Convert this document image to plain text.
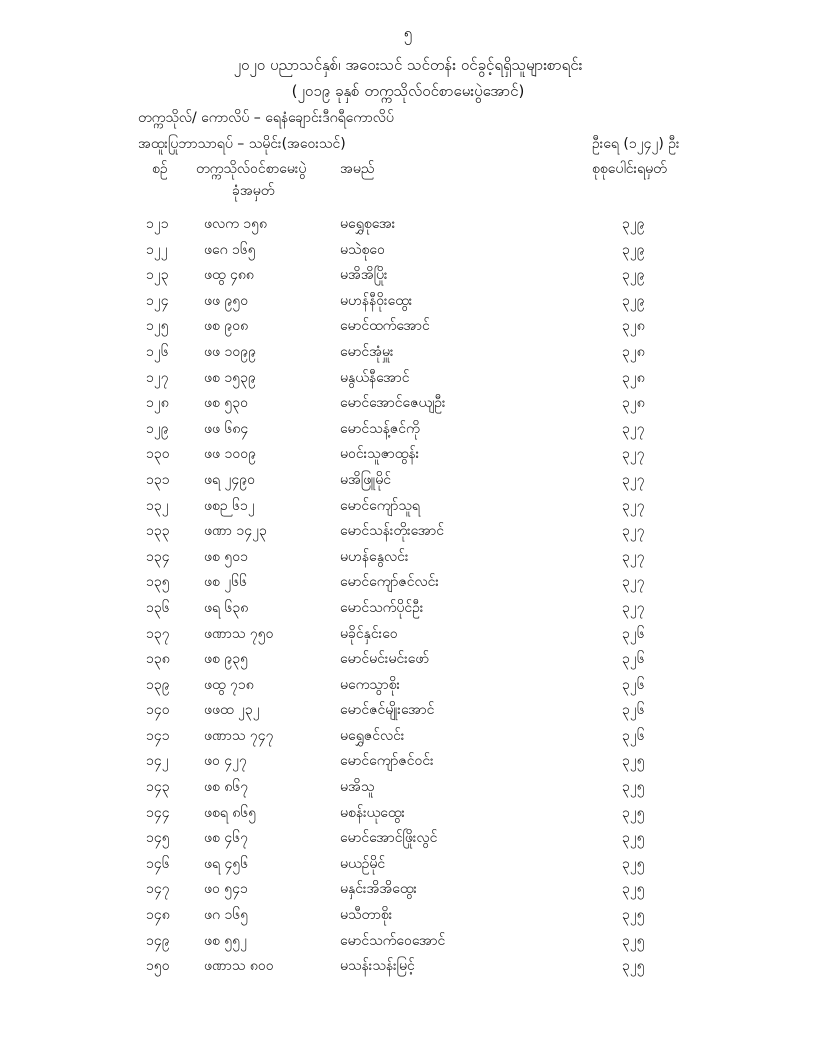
၅
၂၀၂၀ ပညာသင်နှစ်၊ အဝေးသင် သင်တန်း ဝင်ခွင့်ရရှိသူများစာရင်း
(၂၀၁၉ ခုနှစ် တက္ကသိုလ်ဝင်စာမေးပွဲအောင်)
တက္ကသိုလ်/ ကောလိပ် – ရေနံချောင်းဒီဂရီကောလိပ်
အထူးပြုဘာသာရပ် – သမိုင်း(အဝေးသင်)	ဦးရေ (၁၂၄၂) ဦး
စဉ် တက္ကသိုလ်ဝင်စာမေးပွဲ
ခုံအမှတ်
အမည်	စုစုပေါင်းရမှတ်
၁၂၁	ဖလက ၁၅၈	မရွှေစုအေး	၃၂၉
၁၂၂	ဖဂေ ၁၆၅	မသဲစုဝေ	၃၂၉
၁၂၃	ဖထွ ၄၈၈	မအိအိပြိုး	၃၂၉
၁၂၄	ဖဖ ၉၅၀	မဟန်နီဝိုးထွေး	၃၂၉
၁၂၅	ဖစ ၉၀၈	မောင်ထက်အောင်	၃၂၈
၁၂၆	ဖဖ ၁၀၉၉	မောင်အုံမှူး	၃၂၈
၁၂၇	ဖစ ၁၅၃၉	မနွယ်နီအောင်	၃၂၈
၁၂၈	ဖစ ၅၃၀	မောင်အောင်ဇေယျဦး	၃၂၈
၁၂၉	ဖဖ ၆၈၄	မောင်သန့်ဇင်ကို	၃၂၇
၁၃၀ ဖဖ ၁၀၀၉	မဝင်းသူဇာထွန်း	၃၂၇
၁၃၁ ဖရ ၂၄၉၀	မအိဖြူမိုင်	၃၂၇
၁၃၂	ဖစဉ ၆၁၂	မောင်ကျော်သူရ	၃၂၇
၁၃၃ ဖဏာ ၁၄၂၃	မောင်သန်းတိုးအောင်	၃၂၇
၁၃၄ ဖစ ၅၀၁	မဟန်နွေလင်း	၃၂၇
၁၃၅ ဖစ ၂၆၆	မောင်ကျော်ဇင်လင်း	၃၂၇
၁၃၆ ဖရ ၆၃၈	မောင်သက်ပိုင်ဦး	၃၂၇
၁၃၇ ဖဏာသ ၇၅၀	မခိုင်နှင်းဝေ	၃၂၆
၁၃၈ ဖစ ၉၃၅	မောင်မင်းမင်းဖော်	၃၂၆
၁၃၉ ဖထွ ၇၁၈	မကေသွာစိုး	၃၂၆
၁၄၀ ဖဖထ ၂၃၂	မောင်ဇင်မျိုးအောင်	၃၂၆
၁၄၁ ဖဏာသ ၇၄၇	မရွှေဇင်လင်း	၃၂၆
၁၄၂	ဖဝ ၄၂၇	မောင်ကျော်ဇင်ဝင်း	၃၂၅
၁၄၃ ဖစ ၈၆၇	မအိသူ	၃၂၅
၁၄၄ ဖစရ ၈၆၅	မစန်းယုထွေး	၃၂၅
၁၄၅ ဖစ ၄၆၇	မောင်အောင်ဖြိုးလွင်	၃၂၅
၁၄၆ ဖရ ၄၅၆	မယဉ်မိုင်	၃၂၅
၁၄၇ ဖဝ ၅၄၁	မနှင်းအိအိထွေး	၃၂၅
၁၄၈ ဖဂ ၁၆၅	မသီတာစိုး	၃၂၅
၁၄၉ ဖစ ၅၅၂	မောင်သက်ဝေအောင်	၃၂၅
၁၅၀ ဖဏာသ ၈၀၀	မသန်းသန်းမြင့်	၃၂၅
